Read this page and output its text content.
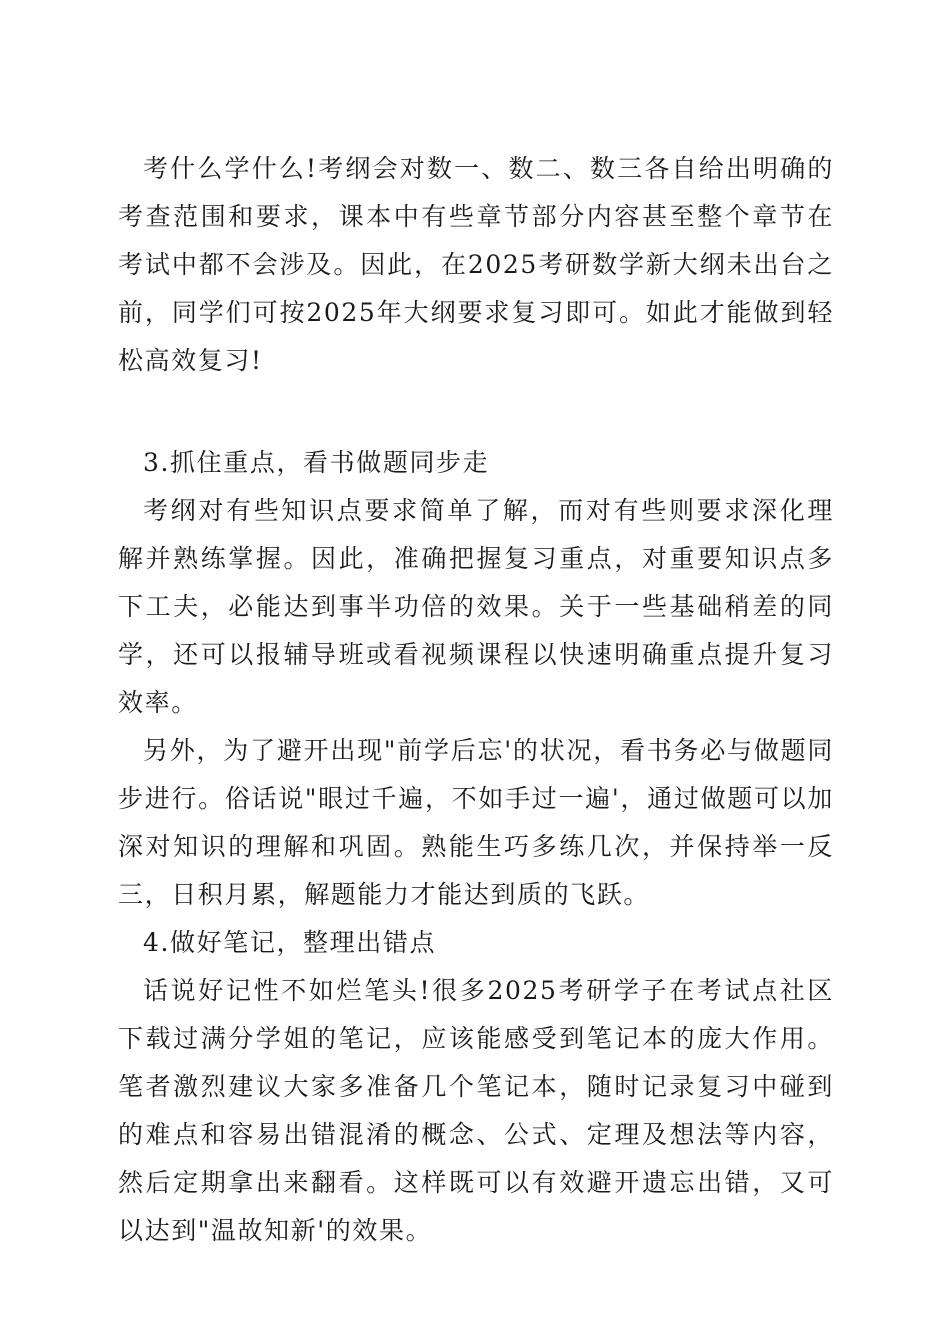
考什么学什么!考纲会对数一、数二、数三各自给出明确的考查范围和要求，课本中有些章节部分内容甚至整个章节在考试中都不会涉及。因此，在2025考研数学新大纲未出台之前，同学们可按2025年大纲要求复习即可。如此才能做到轻松高效复习!

3.抓住重点，看书做题同步走

考纲对有些知识点要求简单了解，而对有些则要求深化理解并熟练掌握。因此，准确把握复习重点，对重要知识点多下工夫，必能达到事半功倍的效果。关于一些基础稍差的同学，还可以报辅导班或看视频课程以快速明确重点提升复习效率。

另外，为了避开出现"前学后忘'的状况，看书务必与做题同步进行。俗话说"眼过千遍，不如手过一遍'，通过做题可以加深对知识的理解和巩固。熟能生巧多练几次，并保持举一反三，日积月累，解题能力才能达到质的飞跃。

4.做好笔记，整理出错点

话说好记性不如烂笔头!很多2025考研学子在考试点社区下载过满分学姐的笔记，应该能感受到笔记本的庞大作用。笔者激烈建议大家多准备几个笔记本，随时记录复习中碰到的难点和容易出错混淆的概念、公式、定理及想法等内容，然后定期拿出来翻看。这样既可以有效避开遗忘出错，又可以达到"温故知新'的效果。
